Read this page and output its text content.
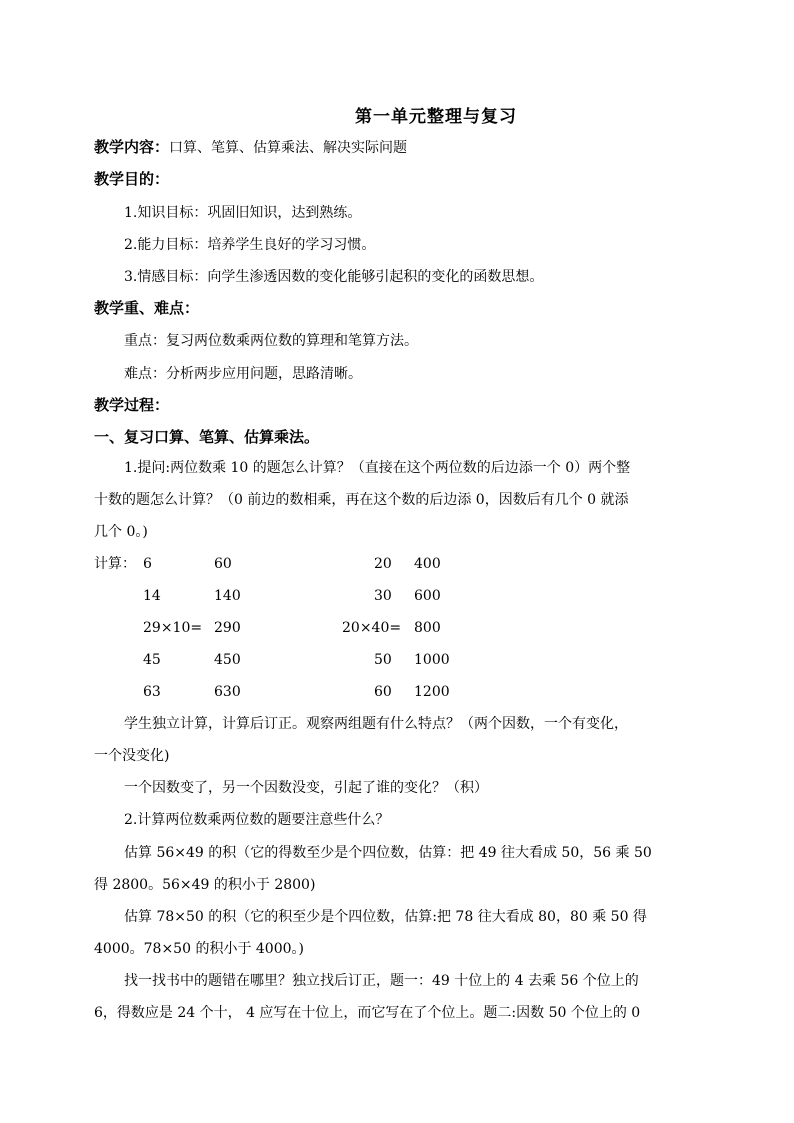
第一单元整理与复习
教学内容：口算、笔算、估算乘法、解决实际问题
教学目的：
1.知识目标：巩固旧知识，达到熟练。
2.能力目标：培养学生良好的学习习惯。
3.情感目标：向学生渗透因数的变化能够引起积的变化的函数思想。
教学重、难点：
重点：复习两位数乘两位数的算理和笔算方法。
难点：分析两步应用问题，思路清晰。
教学过程：
一、复习口算、笔算、估算乘法。
1.提问:两位数乘 10 的题怎么计算？（直接在这个两位数的后边添一个 0）两个整
十数的题怎么计算？（0 前边的数相乘，再在这个数的后边添 0，因数后有几个 0 就添
几个 0。)
计算： 6	60	20 400
14	140	30 600
29×10= 290	20×40= 800
45	450	50 1000
63	630	60 1200
学生独立计算，计算后订正。观察两组题有什么特点？（两个因数，一个有变化，
一个没变化)
一个因数变了，另一个因数没变，引起了谁的变化？（积）
2.计算两位数乘两位数的题要注意些什么？
估算 56×49 的积（它的得数至少是个四位数，估算：把 49 往大看成 50，56 乘 50
得 2800。56×49 的积小于 2800)
估算 78×50 的积（它的积至少是个四位数，估算:把 78 往大看成 80，80 乘 50 得
4000。78×50 的积小于 4000。)
找一找书中的题错在哪里？独立找后订正，题一：49 十位上的 4 去乘 56 个位上的
6，得数应是 24 个十， 4 应写在十位上，而它写在了个位上。题二:因数 50 个位上的 0
